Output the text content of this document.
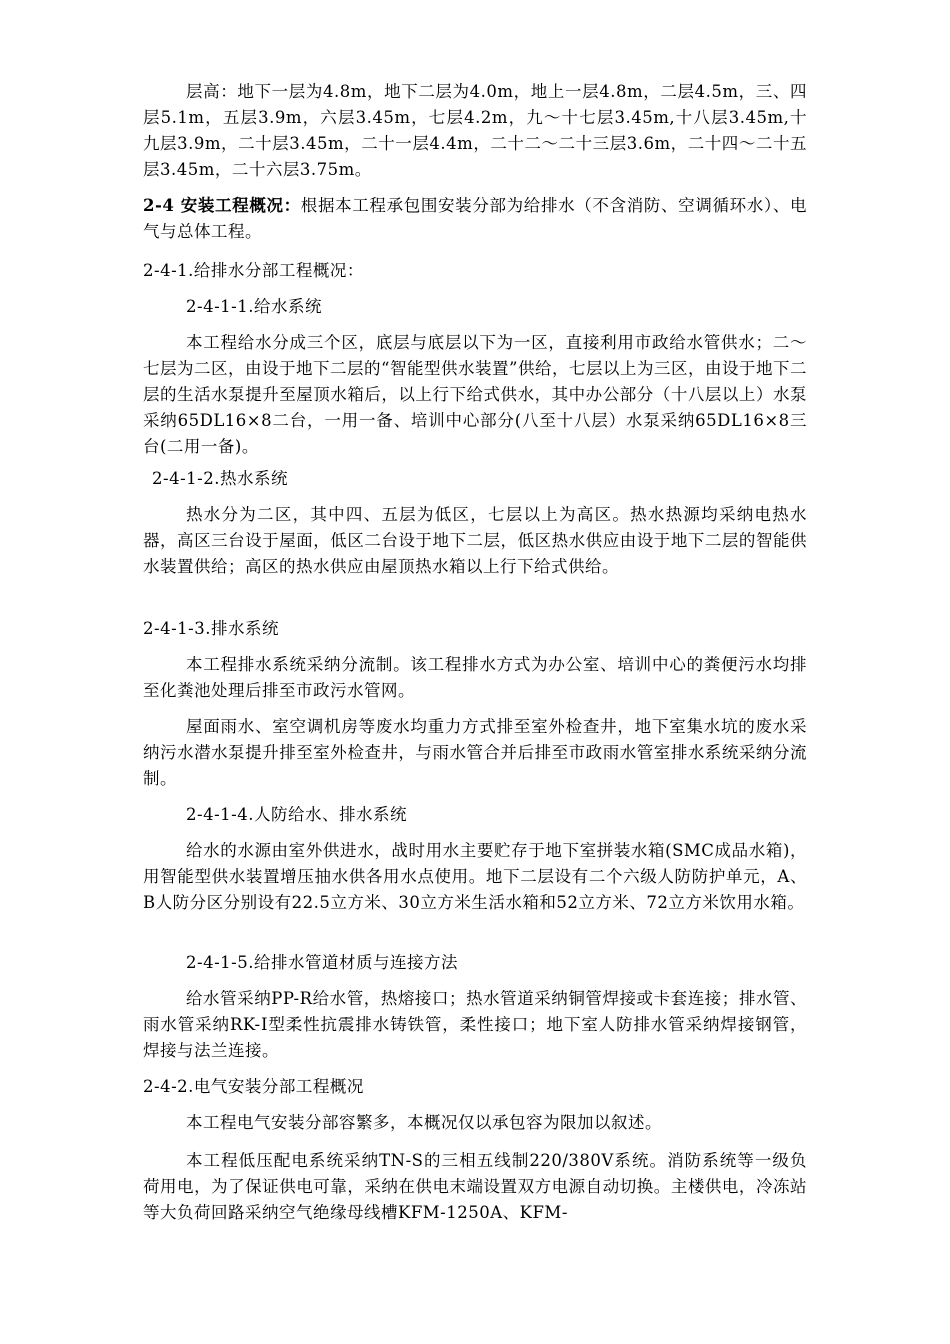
层高：地下一层为4.8m，地下二层为4.0m，地上一层4.8m，二层4.5m，三、四层5.1m，五层3.9m，六层3.45m，七层4.2m，九～十七层3.45m,十八层3.45m,十九层3.9m，二十层3.45m，二十一层4.4m，二十二～二十三层3.6m，二十四～二十五层3.45m，二十六层3.75m。

2-4 安装工程概况：根据本工程承包围安装分部为给排水（不含消防、空调循环水）、电气与总体工程。

2-4-1.给排水分部工程概况：

2-4-1-1.给水系统

本工程给水分成三个区，底层与底层以下为一区，直接利用市政给水管供水；二～七层为二区，由设于地下二层的“智能型供水装置”供给，七层以上为三区，由设于地下二层的生活水泵提升至屋顶水箱后，以上行下给式供水，其中办公部分（十八层以上）水泵采纳65DL16×8二台，一用一备、培训中心部分(八至十八层）水泵采纳65DL16×8三台(二用一备)。

2-4-1-2.热水系统

热水分为二区，其中四、五层为低区，七层以上为高区。热水热源均采纳电热水器，高区三台设于屋面，低区二台设于地下二层，低区热水供应由设于地下二层的智能供水装置供给；高区的热水供应由屋顶热水箱以上行下给式供给。

2-4-1-3.排水系统

本工程排水系统采纳分流制。该工程排水方式为办公室、培训中心的粪便污水均排至化粪池处理后排至市政污水管网。

屋面雨水、室空调机房等废水均重力方式排至室外检查井，地下室集水坑的废水采纳污水潜水泵提升排至室外检查井，与雨水管合并后排至市政雨水管室排水系统采纳分流制。

2-4-1-4.人防给水、排水系统

给水的水源由室外供进水，战时用水主要贮存于地下室拼装水箱(SMC成品水箱)，用智能型供水装置增压抽水供各用水点使用。地下二层设有二个六级人防防护单元，A、B人防分区分别设有22.5立方米、30立方米生活水箱和52立方米、72立方米饮用水箱。

2-4-1-5.给排水管道材质与连接方法

给水管采纳PP-R给水管，热熔接口；热水管道采纳铜管焊接或卡套连接；排水管、雨水管采纳RK-Ⅰ型柔性抗震排水铸铁管，柔性接口；地下室人防排水管采纳焊接钢管，焊接与法兰连接。

2-4-2.电气安装分部工程概况

本工程电气安装分部容繁多，本概况仅以承包容为限加以叙述。

本工程低压配电系统采纳TN-S的三相五线制220/380V系统。消防系统等一级负荷用电，为了保证供电可靠，采纳在供电末端设置双方电源自动切换。主楼供电，冷冻站等大负荷回路采纳空气绝缘母线槽KFM-1250A、KFM-
